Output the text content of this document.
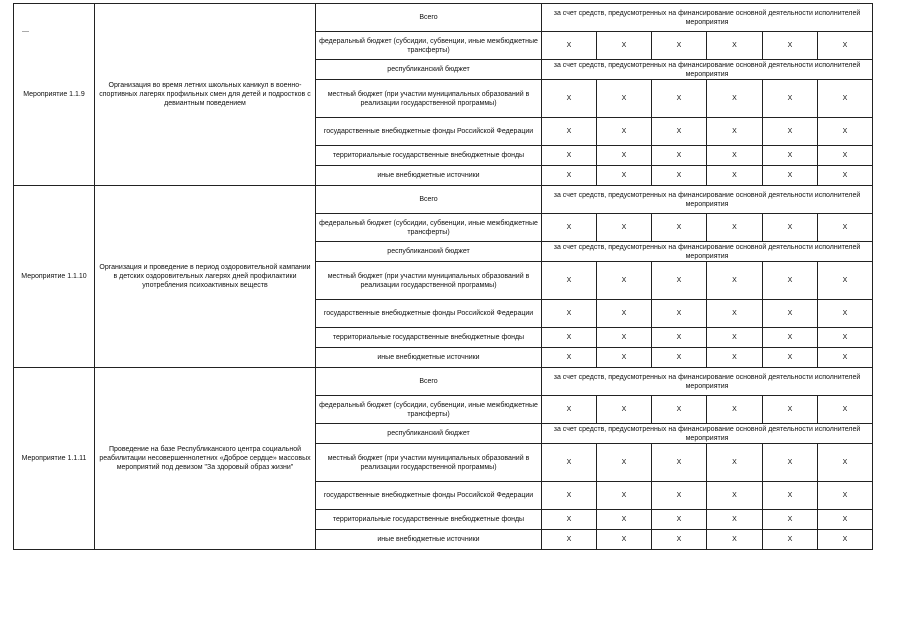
—
Мероприятие 1.1.9	Организация во время летних школьных каникул в военно-спортивных лагерях профильных смен для детей и подростков с девиантным поведением	Всего	за счет средств, предусмотренных на финансирование основной деятельности исполнителей мероприятия					
		федеральный бюджет (субсидии, субвенции, иные межбюджетные трансферты)	X	X	X	X	X	X
		республиканский бюджет	за счет средств, предусмотренных на финансирование основной деятельности исполнителей мероприятия					
		местный бюджет (при участии муниципальных образований в реализации государственной программы)	X	X	X	X	X	X
		государственные внебюджетные фонды Российской Федерации	X	X	X	X	X	X
		территориальные государственные внебюджетные фонды	X	X	X	X	X	X
		иные внебюджетные источники	X	X	X	X	X	X
Мероприятие 1.1.10	Организация и проведение в период оздоровительной кампании в детских оздоровительных лагерях дней профилактики употребления психоактивных веществ	Всего	за счет средств, предусмотренных на финансирование основной деятельности исполнителей мероприятия					
		федеральный бюджет (субсидии, субвенции, иные межбюджетные трансферты)	X	X	X	X	X	X
		республиканский бюджет	за счет средств, предусмотренных на финансирование основной деятельности исполнителей мероприятия					
		местный бюджет (при участии муниципальных образований в реализации государственной программы)	X	X	X	X	X	X
		государственные внебюджетные фонды Российской Федерации	X	X	X	X	X	X
		территориальные государственные внебюджетные фонды	X	X	X	X	X	X
		иные внебюджетные источники	X	X	X	X	X	X
Мероприятие 1.1.11	Проведение на базе Республиканского центра социальной реабилитации несовершеннолетних «Доброе сердце» массовых мероприятий под девизом "За здоровый образ жизни"	Всего	за счет средств, предусмотренных на финансирование основной деятельности исполнителей мероприятия					
		федеральный бюджет (субсидии, субвенции, иные межбюджетные трансферты)	X	X	X	X	X	X
		республиканский бюджет	за счет средств, предусмотренных на финансирование основной деятельности исполнителей мероприятия					
		местный бюджет (при участии муниципальных образований в реализации государственной программы)	X	X	X	X	X	X
		государственные внебюджетные фонды Российской Федерации	X	X	X	X	X	X
		территориальные государственные внебюджетные фонды	X	X	X	X	X	X
		иные внебюджетные источники	X	X	X	X	X	X
